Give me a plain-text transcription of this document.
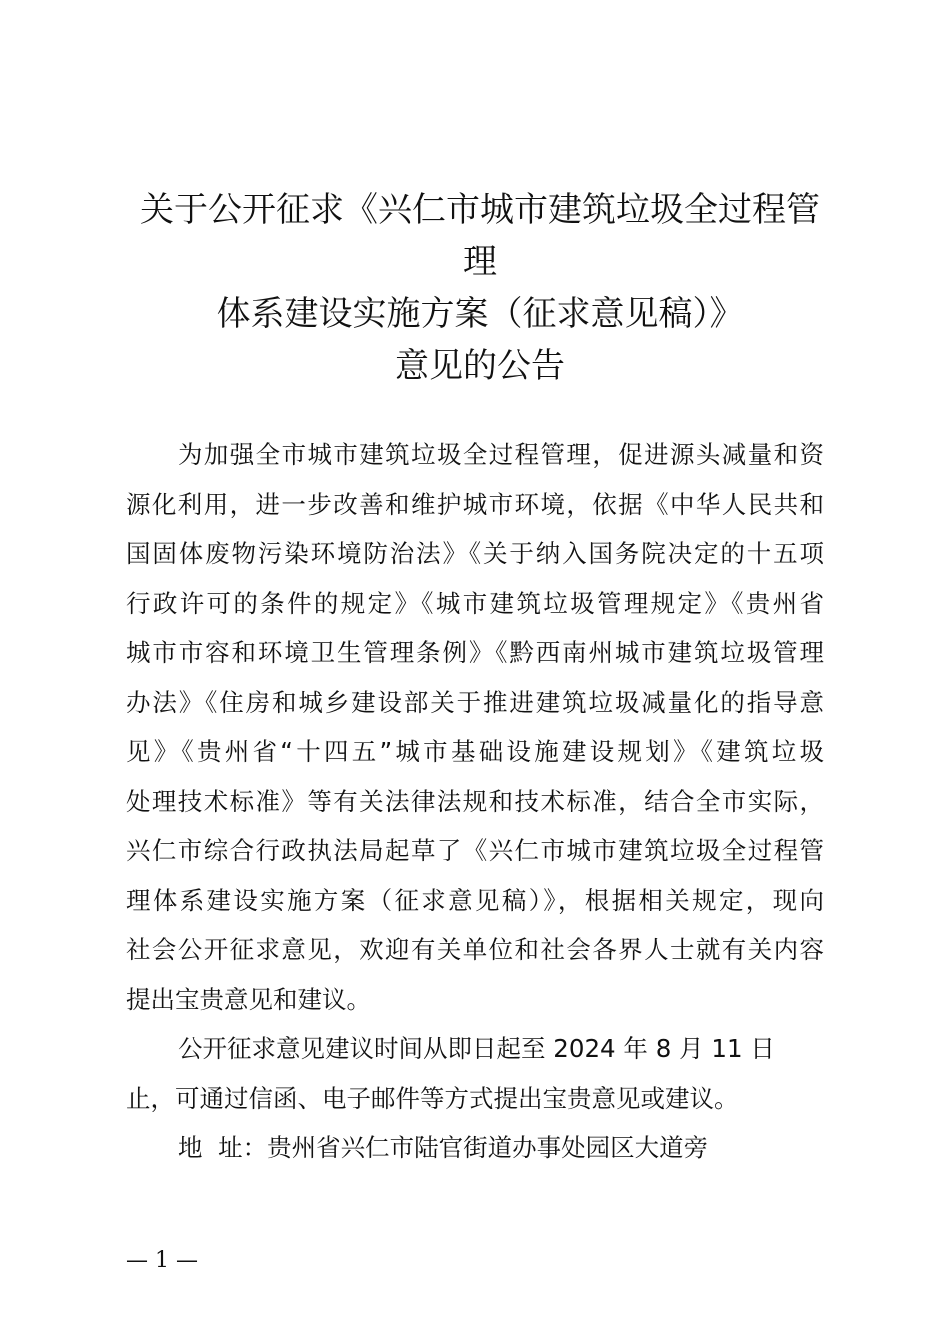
关于公开征求《兴仁市城市建筑垃圾全过程管
理
体系建设实施方案（征求意见稿）》
意见的公告
为加强全市城市建筑垃圾全过程管理，促进源头减量和资
源化利用，进一步改善和维护城市环境，依据《中华人民共和
国固体废物污染环境防治法》《关于纳入国务院决定的十五项
行政许可的条件的规定》《城市建筑垃圾管理规定》《贵州省
城市市容和环境卫生管理条例》《黔西南州城市建筑垃圾管理
办法》《住房和城乡建设部关于推进建筑垃圾减量化的指导意
见》《贵州省“十四五”城市基础设施建设规划》《建筑垃圾
处理技术标准》等有关法律法规和技术标准，结合全市实际，
兴仁市综合行政执法局起草了《兴仁市城市建筑垃圾全过程管
理体系建设实施方案（征求意见稿）》，根据相关规定，现向
社会公开征求意见，欢迎有关单位和社会各界人士就有关内容
提出宝贵意见和建议。
公开征求意见建议时间从即日起至 2024 年 8 月 11 日
止，可通过信函、电子邮件等方式提出宝贵意见或建议。
地  址：贵州省兴仁市陆官街道办事处园区大道旁
— 1 —
